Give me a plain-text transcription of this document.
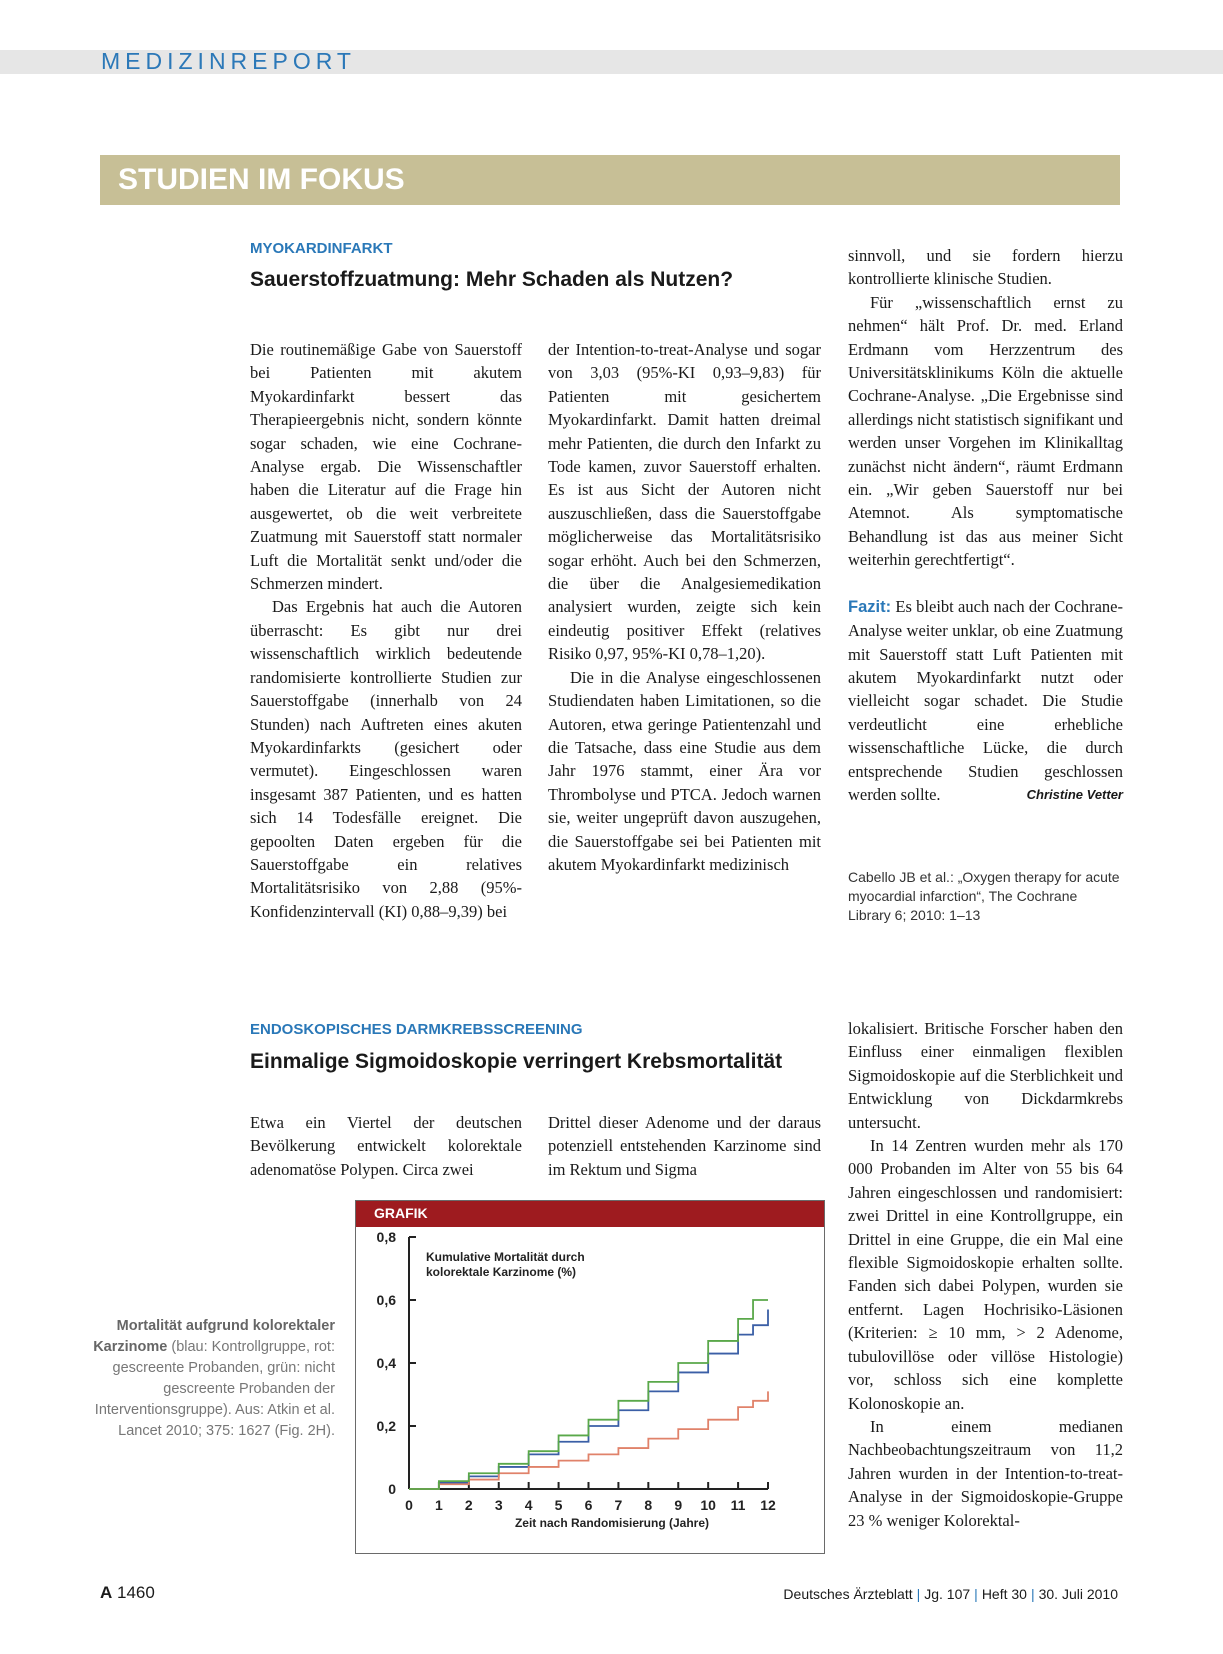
MEDIZINREPORT
STUDIEN IM FOKUS
MYOKARDINFARKT
Sauerstoffzuatmung: Mehr Schaden als Nutzen?

Die routinemäßige Gabe von Sauerstoff bei Patienten mit akutem Myokardinfarkt bessert das Therapieergebnis nicht, sondern könnte sogar schaden, wie eine Cochrane-Analyse ergab. Die Wissenschaftler haben die Literatur auf die Frage hin ausgewertet, ob die weit verbreitete Zuatmung mit Sauerstoff statt normaler Luft die Mortalität senkt und/oder die Schmerzen mindert.

Das Ergebnis hat auch die Autoren überrascht: Es gibt nur drei wissenschaftlich wirklich bedeutende randomisierte kontrollierte Studien zur Sauerstoffgabe (innerhalb von 24 Stunden) nach Auftreten eines akuten Myokardinfarkts (gesichert oder vermutet). Eingeschlossen waren insgesamt 387 Patienten, und es hatten sich 14 Todesfälle ereignet. Die gepoolten Daten ergeben für die Sauerstoffgabe ein relatives Mortalitätsrisiko von 2,88 (95%-Konfidenzintervall (KI) 0,88–9,39) bei

der Intention-to-treat-Analyse und sogar von 3,03 (95%-KI 0,93–9,83) für Patienten mit gesichertem Myokardinfarkt. Damit hatten dreimal mehr Patienten, die durch den Infarkt zu Tode kamen, zuvor Sauerstoff erhalten. Es ist aus Sicht der Autoren nicht auszuschließen, dass die Sauerstoffgabe möglicherweise das Mortalitätsrisiko sogar erhöht. Auch bei den Schmerzen, die über die Analgesiemedikation analysiert wurden, zeigte sich kein eindeutig positiver Effekt (relatives Risiko 0,97, 95%-KI 0,78–1,20).

Die in die Analyse eingeschlossenen Studiendaten haben Limitationen, so die Autoren, etwa geringe Patientenzahl und die Tatsache, dass eine Studie aus dem Jahr 1976 stammt, einer Ära vor Thrombolyse und PTCA. Jedoch warnen sie, weiter ungeprüft davon auszugehen, die Sauerstoffgabe sei bei Patienten mit akutem Myokardinfarkt medizinisch

sinnvoll, und sie fordern hierzu kontrollierte klinische Studien.

Für „wissenschaftlich ernst zu nehmen“ hält Prof. Dr. med. Erland Erdmann vom Herzzentrum des Universitätsklinikums Köln die aktuelle Cochrane-Analyse. „Die Ergebnisse sind allerdings nicht statistisch signifikant und werden unser Vorgehen im Klinikalltag zunächst nicht ändern“, räumt Erdmann ein. „Wir geben Sauerstoff nur bei Atemnot. Als symptomatische Behandlung ist das aus meiner Sicht weiterhin gerechtfertigt“.

Fazit: Es bleibt auch nach der Cochrane-Analyse weiter unklar, ob eine Zuatmung mit Sauerstoff statt Luft Patienten mit akutem Myokardinfarkt nutzt oder vielleicht sogar schadet. Die Studie verdeutlicht eine erhebliche wissenschaftliche Lücke, die durch entsprechende Studien geschlossen werden sollte.	Christine Vetter

Cabello JB et al.: „Oxygen therapy for acute myocardial infarction“, The Cochrane Library 6; 2010: 1–13
ENDOSKOPISCHES DARMKREBSSCREENING
Einmalige Sigmoidoskopie verringert Krebsmortalität

Etwa ein Viertel der deutschen Bevölkerung entwickelt kolorektale adenomatöse Polypen. Circa zwei

Drittel dieser Adenome und der daraus potenziell entstehenden Karzinome sind im Rektum und Sigma

lokalisiert. Britische Forscher haben den Einfluss einer einmaligen flexiblen Sigmoidoskopie auf die Sterblichkeit und Entwicklung von Dickdarmkrebs untersucht.

In 14 Zentren wurden mehr als 170 000 Probanden im Alter von 55 bis 64 Jahren eingeschlossen und randomisiert: zwei Drittel in eine Kontrollgruppe, ein Drittel in eine Gruppe, die ein Mal eine flexible Sigmoidoskopie erhalten sollte. Fanden sich dabei Polypen, wurden sie entfernt. Lagen Hochrisiko-Läsionen (Kriterien: ≥ 10 mm, > 2 Adenome, tubulovillöse oder villöse Histologie) vor, schloss sich eine komplette Kolonoskopie an.

In einem medianen Nachbeobachtungszeitraum von 11,2 Jahren wurden in der Intention-to-treat-Analyse in der Sigmoidoskopie-Gruppe 23 % weniger Kolorektal-

GRAFIK
Kumulative Mortalität durch
kolorektale Karzinome (%)
0
0,2
0,4
0,6
0,8
0 1 2 3 4 5 6 7 8 9 10 11 12
Zeit nach Randomisierung (Jahre)
Mortalität aufgrund kolorektaler Karzinome (blau: Kontrollgruppe, rot: gescreente Probanden, grün: nicht gescreente Probanden der Interventionsgruppe). Aus: Atkin et al. Lancet 2010; 375: 1627 (Fig. 2H).
A 1460	Deutsches Ärzteblatt | Jg. 107 | Heft 30 | 30. Juli 2010
